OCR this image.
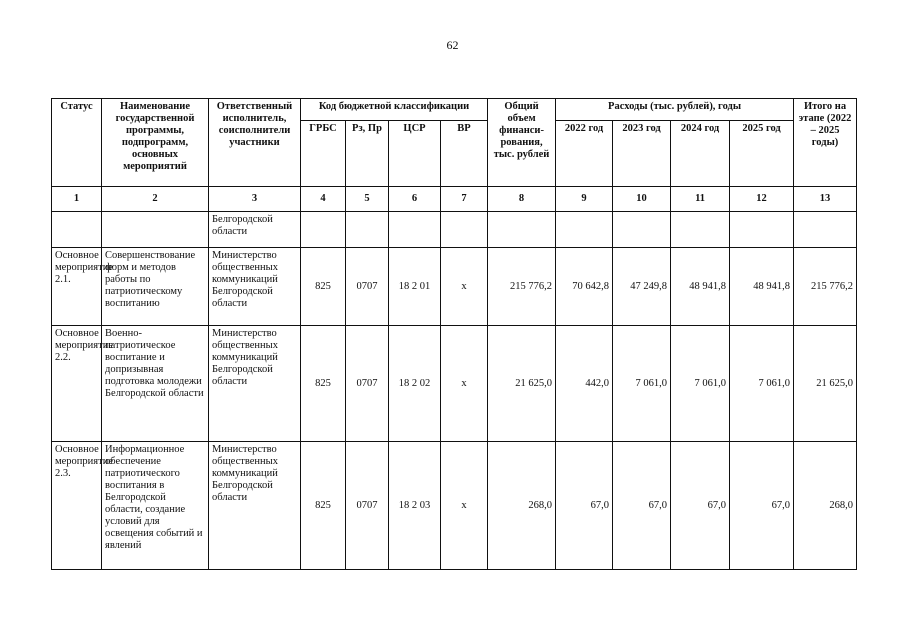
62
Статус	Наименование государственной программы, подпрограмм, основных мероприятий	Ответственный исполнитель, соисполнители участники	Код бюджетной классификации				Общий объем финанси-рования, тыс. рублей	Расходы (тыс. рублей), годы				Итого на этапе (2022 – 2025 годы)
			ГРБС	Рз, Пр	ЦСР	ВР		2022 год	2023 год	2024 год	2025 год	
1	2	3	4	5	6	7	8	9	10	11	12	13
		Белгородской области										
Основное мероприятие 2.1.	Совершенствование форм и методов работы по патриотическому воспитанию	Министерство общественных коммуникаций Белгородской области	825	0707	18 2 01	x	215 776,2	70 642,8	47 249,8	48 941,8	48 941,8	215 776,2
Основное мероприятие 2.2.	Военно-патриотическое воспитание и допризывная подготовка молодежи Белгородской области	Министерство общественных коммуникаций Белгородской области	825	0707	18 2 02	x	21 625,0	442,0	7 061,0	7 061,0	7 061,0	21 625,0
Основное мероприятие 2.3.	Информационное обеспечение патриотического воспитания в Белгородской области, создание условий для освещения событий и явлений	Министерство общественных коммуникаций Белгородской области	825	0707	18 2 03	x	268,0	67,0	67,0	67,0	67,0	268,0
